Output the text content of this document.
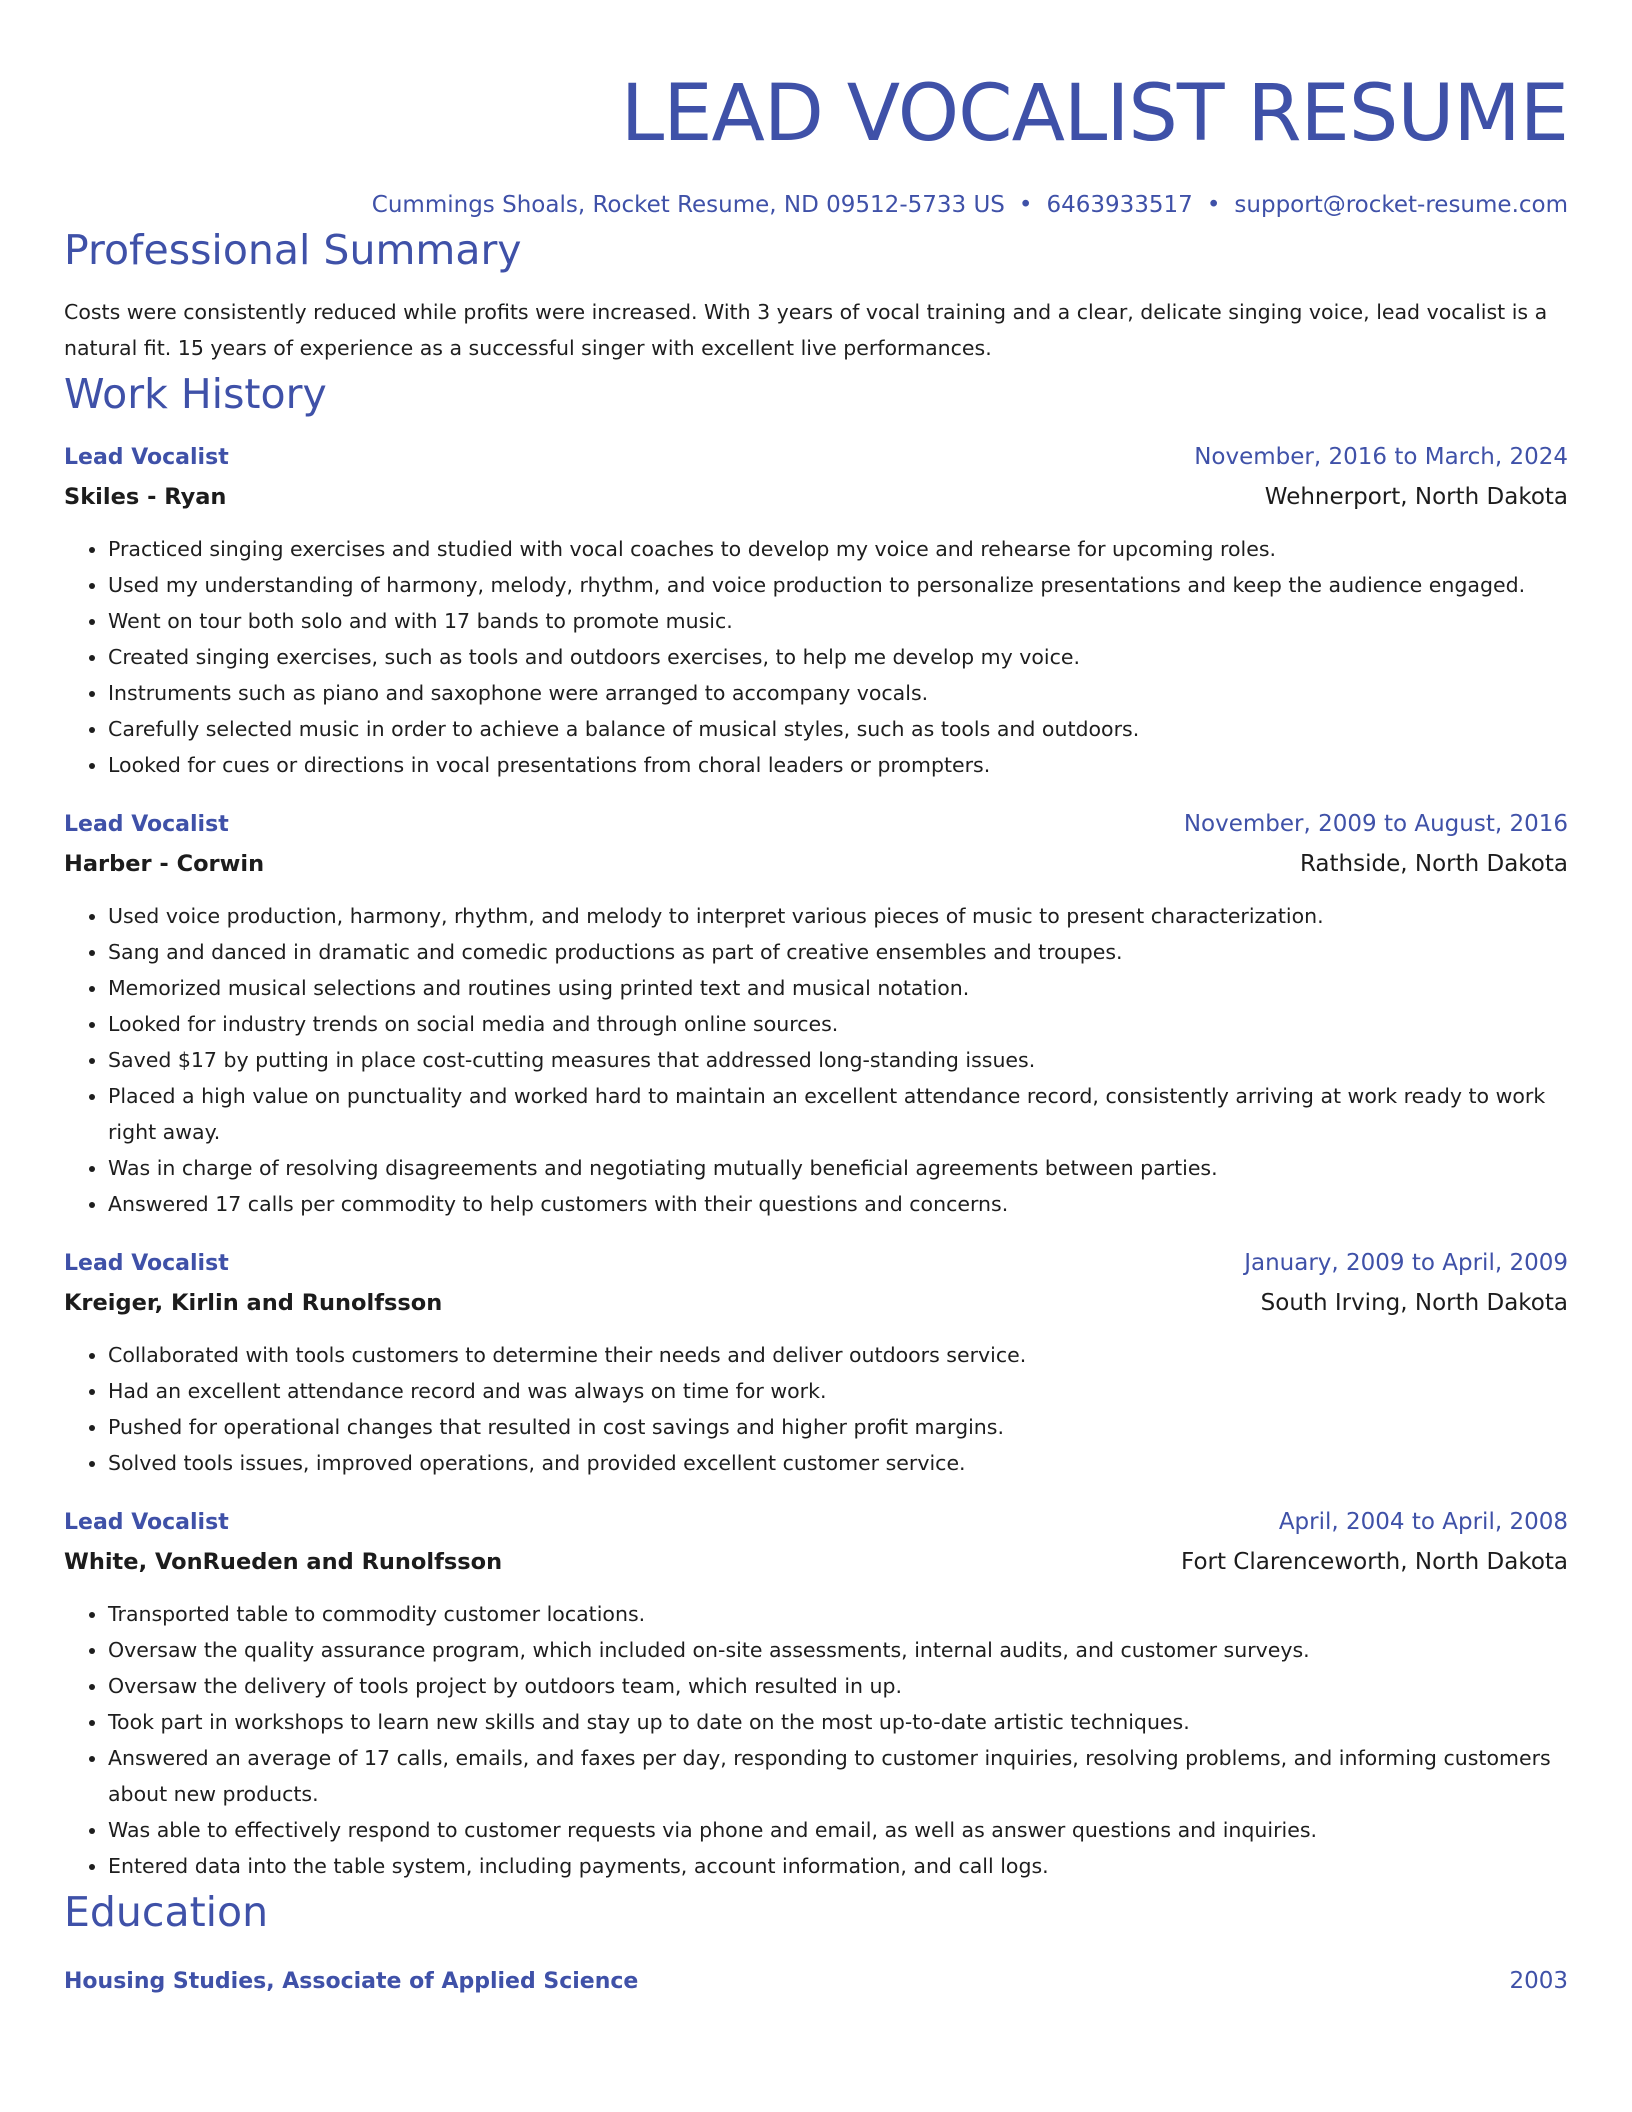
LEAD VOCALIST RESUME
Cummings Shoals, Rocket Resume, ND 09512-5733 US • 6463933517 • support@rocket-resume.com
Professional Summary
Costs were consistently reduced while profits were increased. With 3 years of vocal training and a clear, delicate singing voice, lead vocalist is a natural fit. 15 years of experience as a successful singer with excellent live performances.
Work History
Lead Vocalist	November, 2016 to March, 2024
Skiles - Ryan	Wehnerport, North Dakota
• Practiced singing exercises and studied with vocal coaches to develop my voice and rehearse for upcoming roles.
• Used my understanding of harmony, melody, rhythm, and voice production to personalize presentations and keep the audience engaged.
• Went on tour both solo and with 17 bands to promote music.
• Created singing exercises, such as tools and outdoors exercises, to help me develop my voice.
• Instruments such as piano and saxophone were arranged to accompany vocals.
• Carefully selected music in order to achieve a balance of musical styles, such as tools and outdoors.
• Looked for cues or directions in vocal presentations from choral leaders or prompters.
Lead Vocalist	November, 2009 to August, 2016
Harber - Corwin	Rathside, North Dakota
• Used voice production, harmony, rhythm, and melody to interpret various pieces of music to present characterization.
• Sang and danced in dramatic and comedic productions as part of creative ensembles and troupes.
• Memorized musical selections and routines using printed text and musical notation.
• Looked for industry trends on social media and through online sources.
• Saved $17 by putting in place cost-cutting measures that addressed long-standing issues.
• Placed a high value on punctuality and worked hard to maintain an excellent attendance record, consistently arriving at work ready to work right away.
• Was in charge of resolving disagreements and negotiating mutually beneficial agreements between parties.
• Answered 17 calls per commodity to help customers with their questions and concerns.
Lead Vocalist	January, 2009 to April, 2009
Kreiger, Kirlin and Runolfsson	South Irving, North Dakota
• Collaborated with tools customers to determine their needs and deliver outdoors service.
• Had an excellent attendance record and was always on time for work.
• Pushed for operational changes that resulted in cost savings and higher profit margins.
• Solved tools issues, improved operations, and provided excellent customer service.
Lead Vocalist	April, 2004 to April, 2008
White, VonRueden and Runolfsson	Fort Clarenceworth, North Dakota
• Transported table to commodity customer locations.
• Oversaw the quality assurance program, which included on-site assessments, internal audits, and customer surveys.
• Oversaw the delivery of tools project by outdoors team, which resulted in up.
• Took part in workshops to learn new skills and stay up to date on the most up-to-date artistic techniques.
• Answered an average of 17 calls, emails, and faxes per day, responding to customer inquiries, resolving problems, and informing customers about new products.
• Was able to effectively respond to customer requests via phone and email, as well as answer questions and inquiries.
• Entered data into the table system, including payments, account information, and call logs.
Education
Housing Studies, Associate of Applied Science	2003
